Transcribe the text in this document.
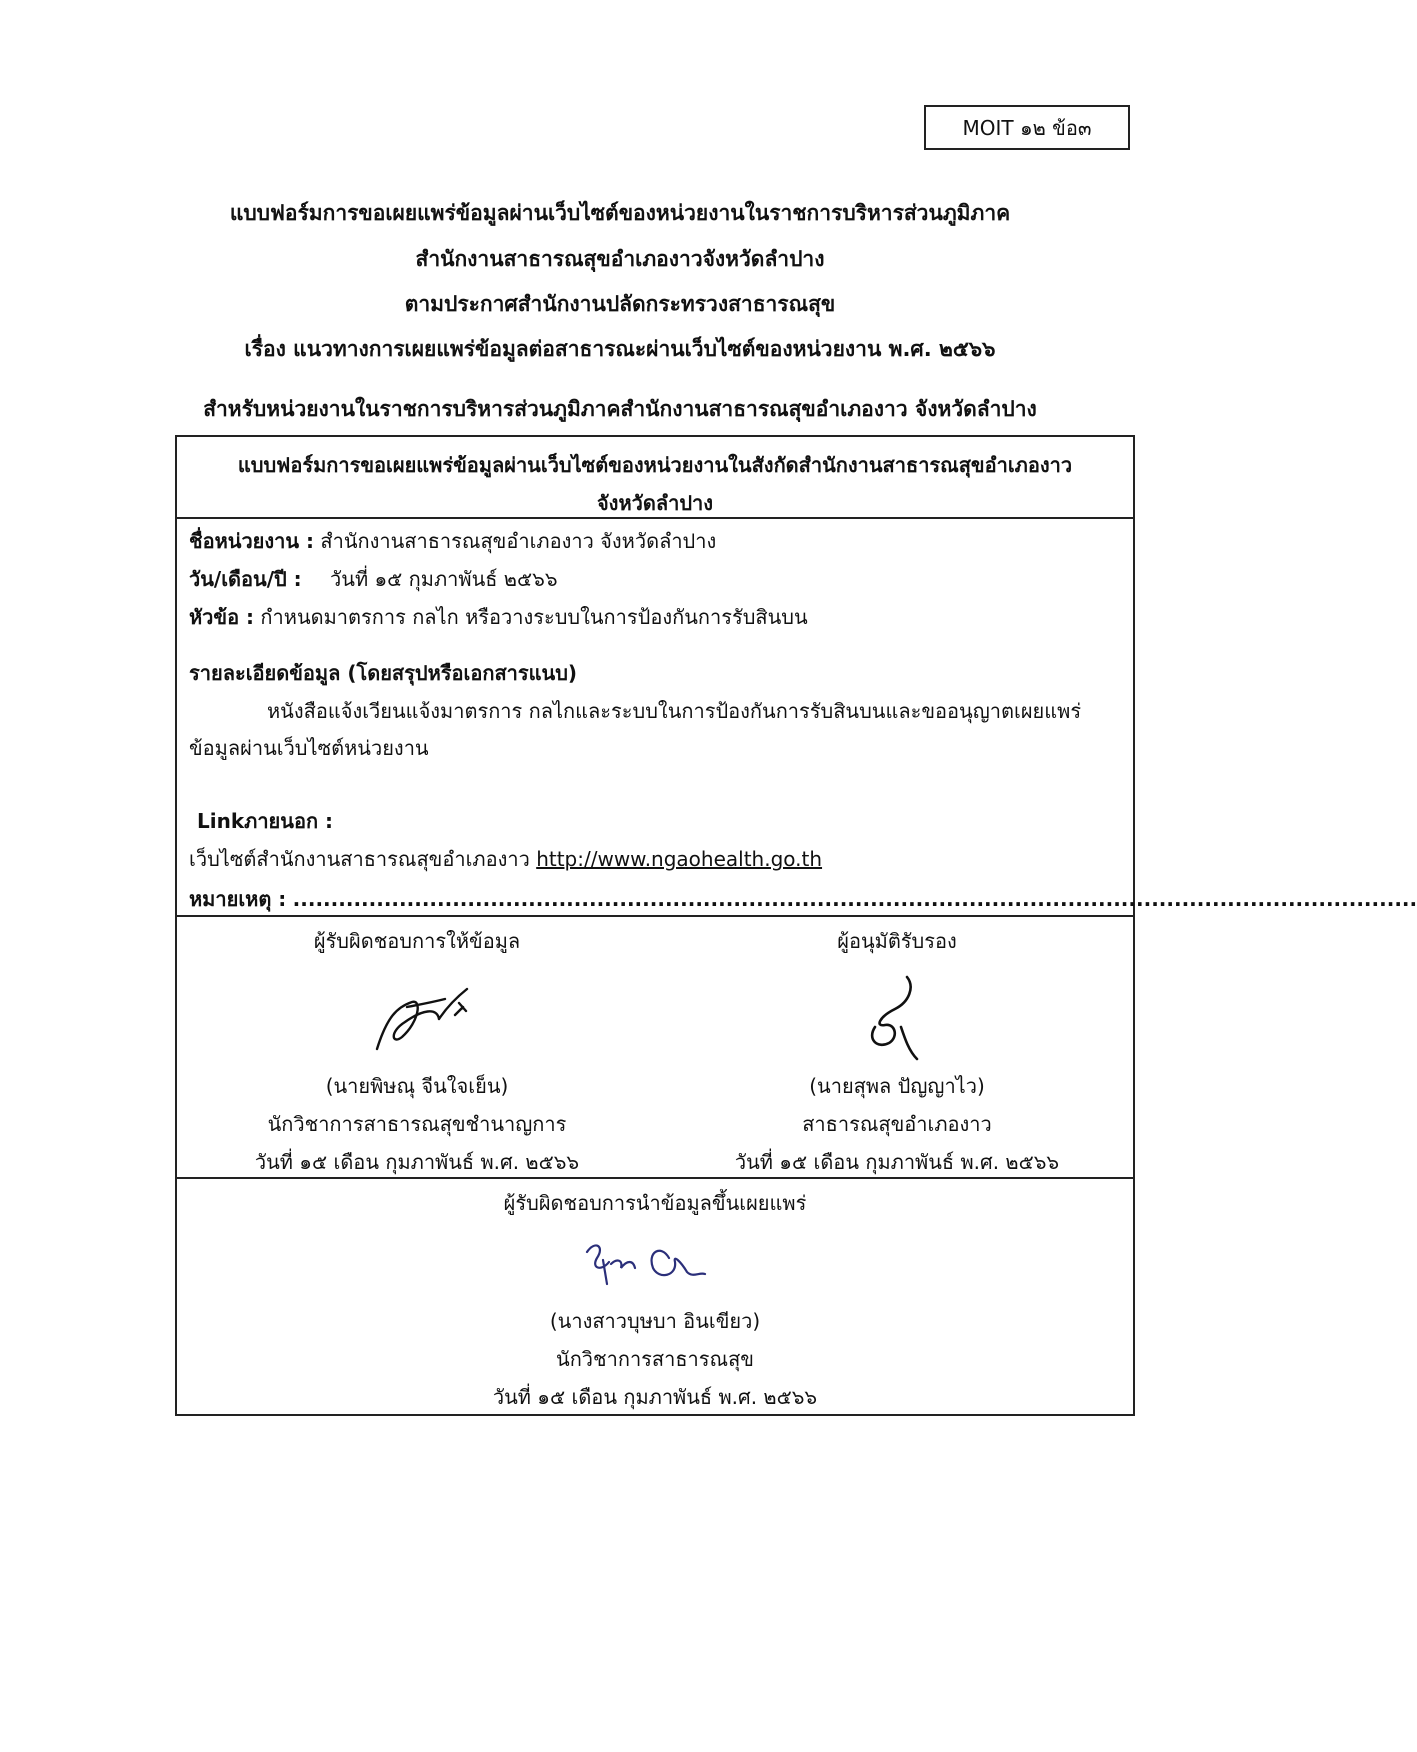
MOIT ๑๒ ข้อ๓
แบบฟอร์มการขอเผยแพร่ข้อมูลผ่านเว็บไซต์ของหน่วยงานในราชการบริหารส่วนภูมิภาค
สำนักงานสาธารณสุขอำเภองาวจังหวัดลำปาง
ตามประกาศสำนักงานปลัดกระทรวงสาธารณสุข
เรื่อง แนวทางการเผยแพร่ข้อมูลต่อสาธารณะผ่านเว็บไซต์ของหน่วยงาน พ.ศ. ๒๕๖๖
สำหรับหน่วยงานในราชการบริหารส่วนภูมิภาคสำนักงานสาธารณสุขอำเภองาว จังหวัดลำปาง
แบบฟอร์มการขอเผยแพร่ข้อมูลผ่านเว็บไซต์ของหน่วยงานในสังกัดสำนักงานสาธารณสุขอำเภองาว
จังหวัดลำปาง
ชื่อหน่วยงาน : สำนักงานสาธารณสุขอำเภองาว จังหวัดลำปาง
วัน/เดือน/ปี : วันที่ ๑๕ กุมภาพันธ์ ๒๕๖๖
หัวข้อ : กำหนดมาตรการ กลไก หรือวางระบบในการป้องกันการรับสินบน
รายละเอียดข้อมูล (โดยสรุปหรือเอกสารแนบ)
หนังสือแจ้งเวียนแจ้งมาตรการ กลไกและระบบในการป้องกันการรับสินบนและขออนุญาตเผยแพร่
ข้อมูลผ่านเว็บไซต์หน่วยงาน
Linkภายนอก :
เว็บไซต์สำนักงานสาธารณสุขอำเภองาว http://www.ngaohealth.go.th
หมายเหตุ : ....................................................................................................................................................
ผู้รับผิดชอบการให้ข้อมูล
(นายพิษณุ จีนใจเย็น)
นักวิชาการสาธารณสุขชำนาญการ
วันที่ ๑๕ เดือน กุมภาพันธ์ พ.ศ. ๒๕๖๖
ผู้อนุมัติรับรอง
(นายสุพล ปัญญาไว)
สาธารณสุขอำเภองาว
วันที่ ๑๕ เดือน กุมภาพันธ์ พ.ศ. ๒๕๖๖
ผู้รับผิดชอบการนำข้อมูลขึ้นเผยแพร่
(นางสาวบุษบา อินเขียว)
นักวิชาการสาธารณสุข
วันที่ ๑๕ เดือน กุมภาพันธ์ พ.ศ. ๒๕๖๖
